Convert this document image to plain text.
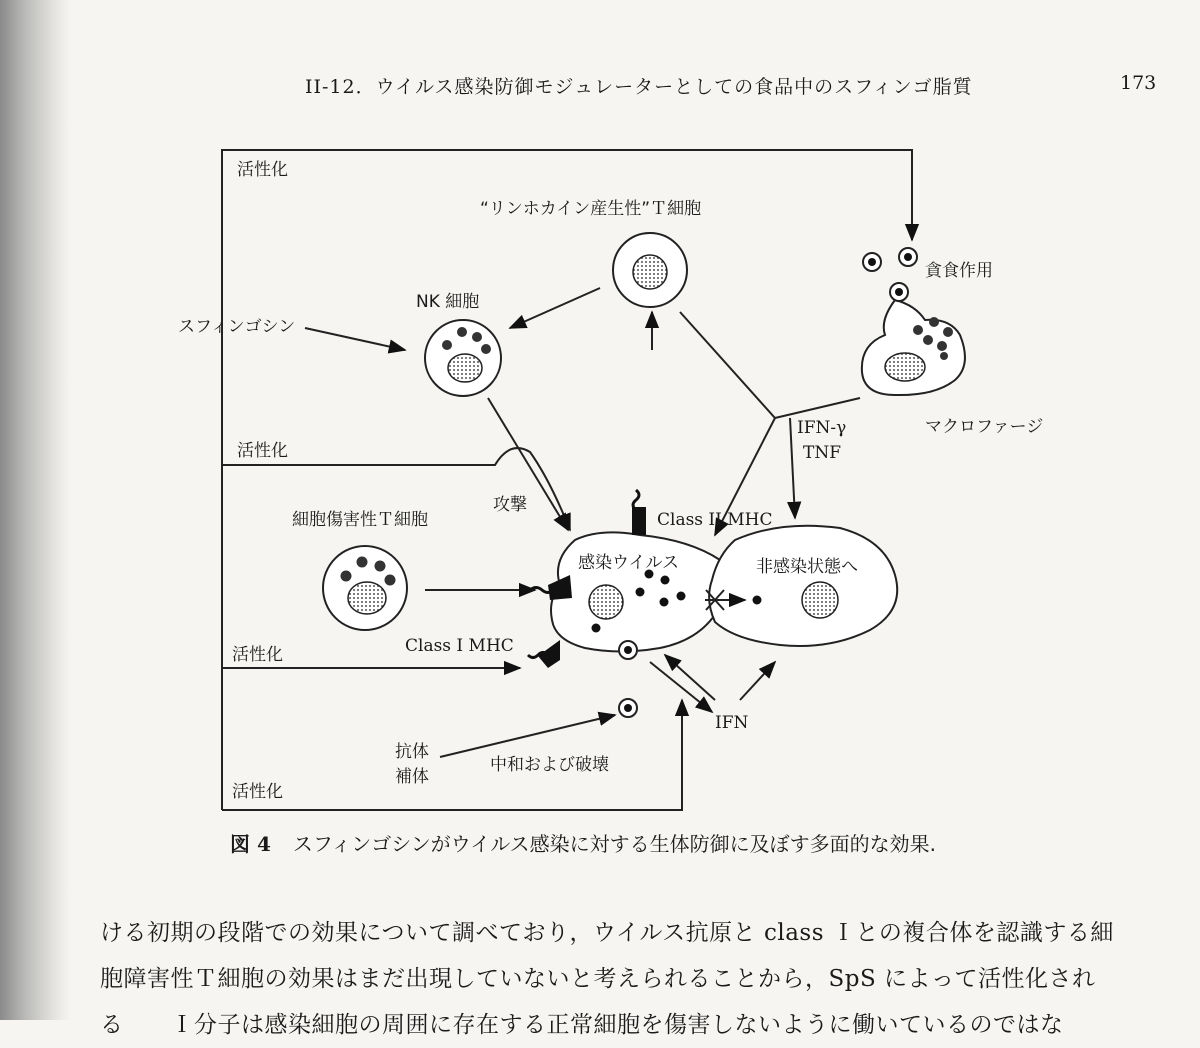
II-12．ウイルス感染防御モジュレーターとしての食品中のスフィンゴ脂質	173
活性化
“リンホカイン産生性”Ｔ細胞
貪食作用
NK 細胞
スフィンゴシン
IFN-γ
TNF
マクロファージ
活性化
攻撃
Class II MHC
細胞傷害性Ｔ細胞
感染ウイルス	非感染状態へ
Class I MHC
活性化
IFN
抗体
補体
中和および破壊
活性化
図 4 スフィンゴシンがウイルス感染に対する生体防御に及ぼす多面的な効果.

ける初期の段階での効果について調べており，ウイルス抗原と class Ｉとの複合体を認識する細

胞障害性Ｔ細胞の効果はまだ出現していないと考えられることから，SpS によって活性化され

る　　Ｉ分子は感染細胞の周囲に存在する正常細胞を傷害しないように働いているのではな
